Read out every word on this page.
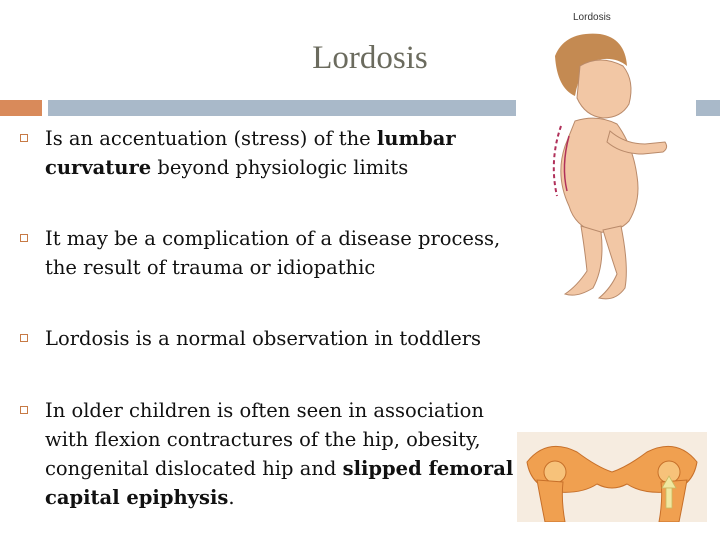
Lordosis
Is an accentuation (stress) of the lumbar curvature beyond physiologic limits
It may be a complication of a disease process, the result of trauma or idiopathic
Lordosis is a normal observation in toddlers
In older children is often seen in association with flexion contractures of the hip, obesity, congenital dislocated hip and slipped femoral capital epiphysis.
Lordosis
